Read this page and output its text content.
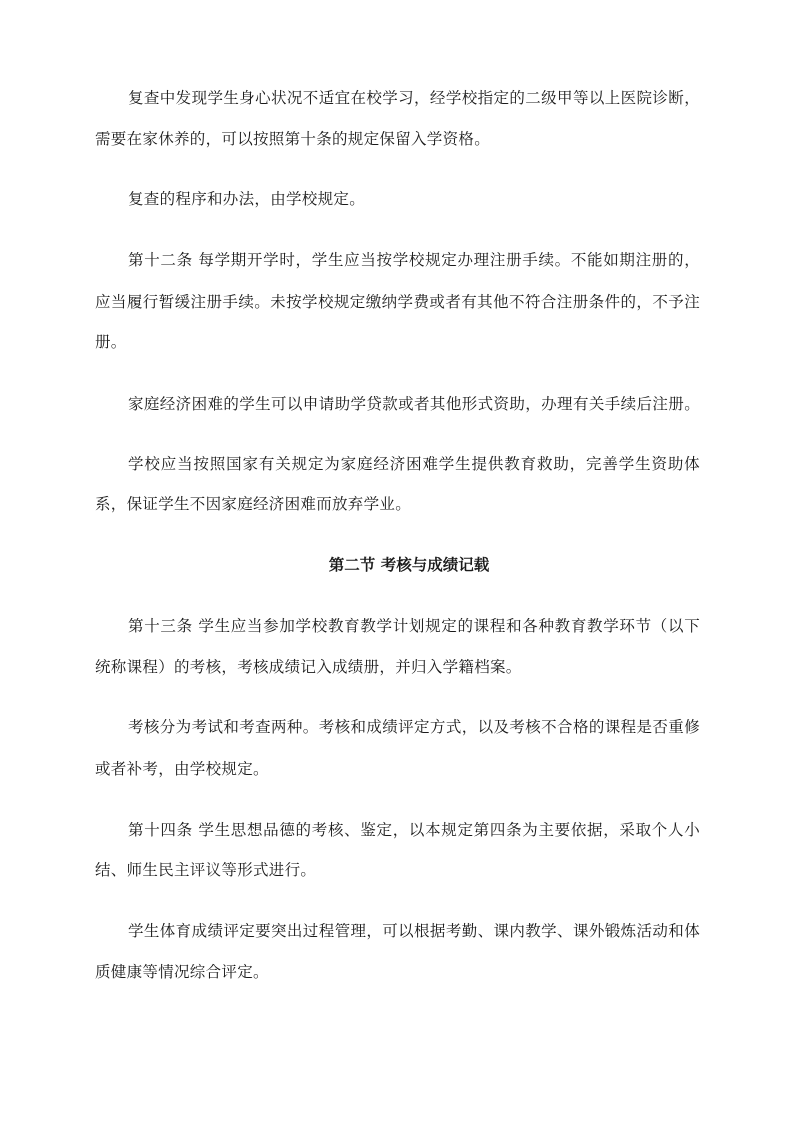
复查中发现学生身心状况不适宜在校学习，经学校指定的二级甲等以上医院诊断，
需要在家休养的，可以按照第十条的规定保留入学资格。
复查的程序和办法，由学校规定。
第十二条 每学期开学时，学生应当按学校规定办理注册手续。不能如期注册的，
应当履行暂缓注册手续。未按学校规定缴纳学费或者有其他不符合注册条件的，不予注
册。
家庭经济困难的学生可以申请助学贷款或者其他形式资助，办理有关手续后注册。
学校应当按照国家有关规定为家庭经济困难学生提供教育救助，完善学生资助体
系，保证学生不因家庭经济困难而放弃学业。
第二节 考核与成绩记载
第十三条 学生应当参加学校教育教学计划规定的课程和各种教育教学环节（以下
统称课程）的考核，考核成绩记入成绩册，并归入学籍档案。
考核分为考试和考查两种。考核和成绩评定方式，以及考核不合格的课程是否重修
或者补考，由学校规定。
第十四条 学生思想品德的考核、鉴定，以本规定第四条为主要依据，采取个人小
结、师生民主评议等形式进行。
学生体育成绩评定要突出过程管理，可以根据考勤、课内教学、课外锻炼活动和体
质健康等情况综合评定。
